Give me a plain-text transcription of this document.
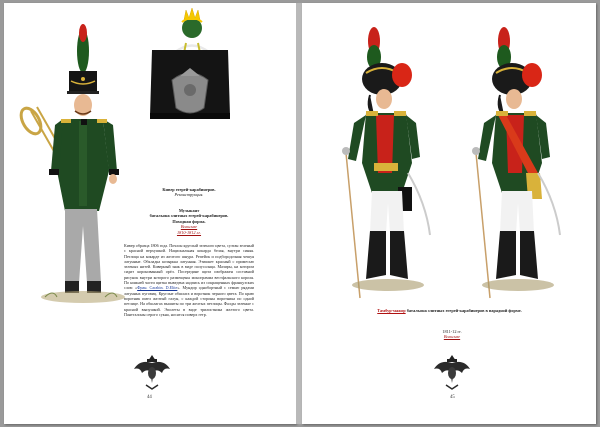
Кивер егерей-карабинеров.
Реконструкция.
Музыкант
батальона элитных егерей-карабинеров.
Походная форма.
Вольсиве
1810-1812 гг.
Кивер образца 1806 года. Почлон круглый зеленого цвета, султан зеленый с красной верхушкой. Национальная кокарда белая, внутри синяя. Петлица на кокарде из желтого шнура. Репейок и подбородочная чешуя латунные. Обкладка козырька латунная. Этишкет красный с примесью зеленых нитей. Киверный знак в виде полусолнца. Мазиры, на котором сидит коронованный орёл. Посередине щита изображен составной рисунок внутри которого размещены монограмма вестфальского короля. По нижней части щитка выведена надпись из сокращенных французских слов: «Фран. Carabin. D.Elite». Мундир однобортный с семью рядами латунных пуговиц. Круглые обшлага и воротник черного цвета. По краю воротник имел желтый галун, с каждой стороны воротника по одной петлице. На обшлагах вышиты по три желтых петлицы. Фалды зеленые с красной выпушкой. Эполеты в виде трилистника желтого цвета. Пантталоны серого сукна, носятся поверх гетр.
44
Тамбур-мажор батальона элитных егерей-карабинеров в парадной форме.
1811-12 гг.
Вольсиве
45
